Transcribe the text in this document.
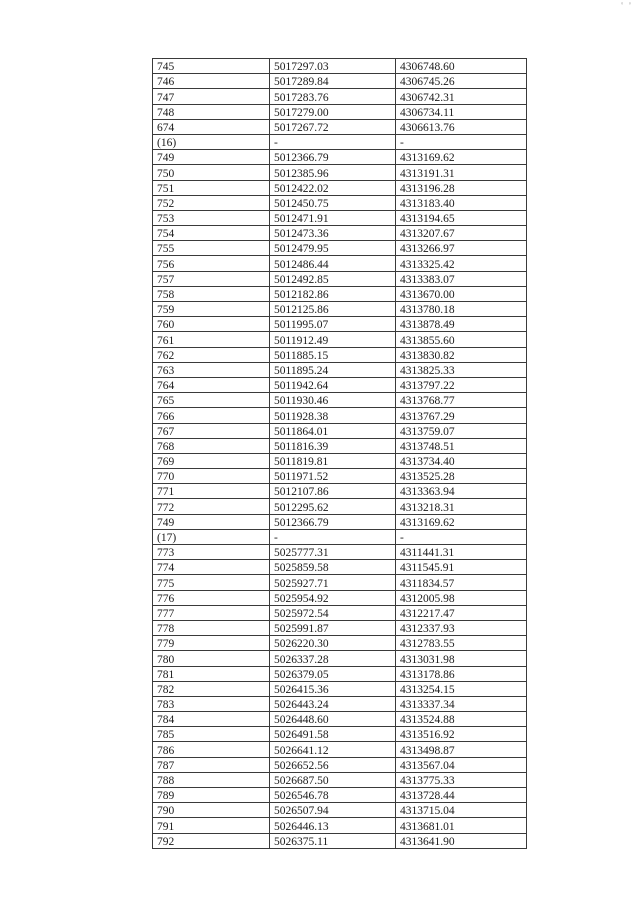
ﾟ ﾟ
745	5017297.03	4306748.60
746	5017289.84	4306745.26
747	5017283.76	4306742.31
748	5017279.00	4306734.11
674	5017267.72	4306613.76
(16)	-	-
749	5012366.79	4313169.62
750	5012385.96	4313191.31
751	5012422.02	4313196.28
752	5012450.75	4313183.40
753	5012471.91	4313194.65
754	5012473.36	4313207.67
755	5012479.95	4313266.97
756	5012486.44	4313325.42
757	5012492.85	4313383.07
758	5012182.86	4313670.00
759	5012125.86	4313780.18
760	5011995.07	4313878.49
761	5011912.49	4313855.60
762	5011885.15	4313830.82
763	5011895.24	4313825.33
764	5011942.64	4313797.22
765	5011930.46	4313768.77
766	5011928.38	4313767.29
767	5011864.01	4313759.07
768	5011816.39	4313748.51
769	5011819.81	4313734.40
770	5011971.52	4313525.28
771	5012107.86	4313363.94
772	5012295.62	4313218.31
749	5012366.79	4313169.62
(17)	-	-
773	5025777.31	4311441.31
774	5025859.58	4311545.91
775	5025927.71	4311834.57
776	5025954.92	4312005.98
777	5025972.54	4312217.47
778	5025991.87	4312337.93
779	5026220.30	4312783.55
780	5026337.28	4313031.98
781	5026379.05	4313178.86
782	5026415.36	4313254.15
783	5026443.24	4313337.34
784	5026448.60	4313524.88
785	5026491.58	4313516.92
786	5026641.12	4313498.87
787	5026652.56	4313567.04
788	5026687.50	4313775.33
789	5026546.78	4313728.44
790	5026507.94	4313715.04
791	5026446.13	4313681.01
792	5026375.11	4313641.90
